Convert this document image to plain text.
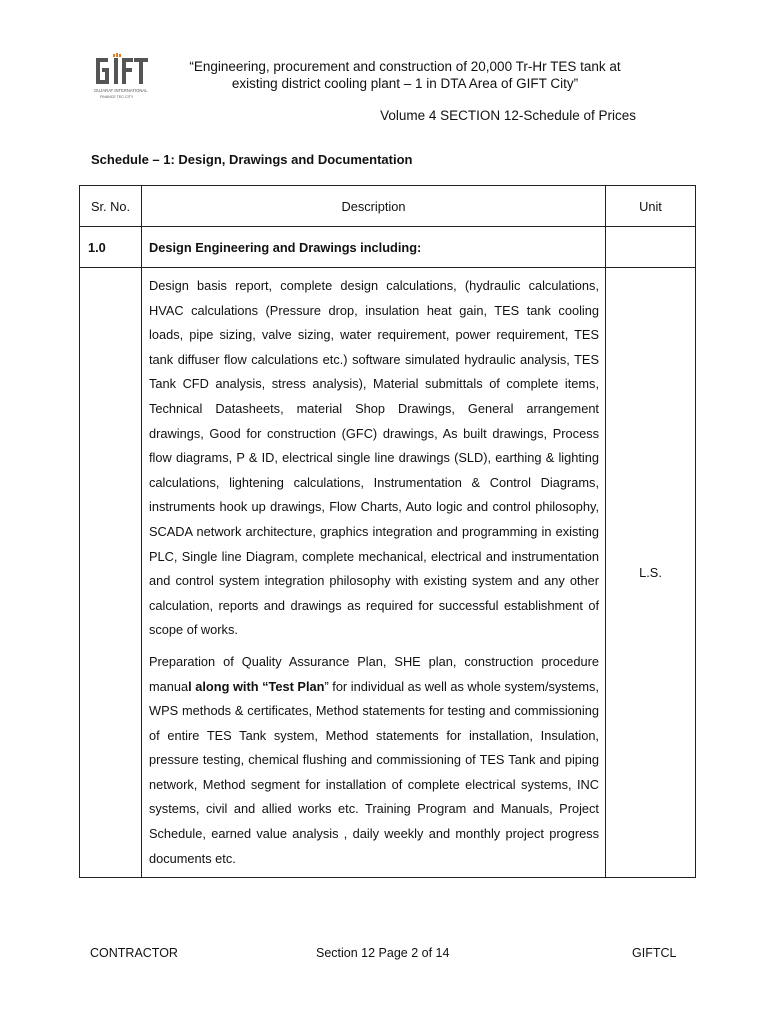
GUJARAT INTERNATIONAL
FINANCE TEC-CITY
“Engineering, procurement and construction of 20,000 Tr-Hr TES tank at
existing district cooling plant – 1 in DTA Area of GIFT City”
Volume 4 SECTION 12-Schedule of Prices
Schedule – 1: Design, Drawings and Documentation
Sr. No.	Description	Unit
1.0	Design Engineering and Drawings including:	

	Design basis report, complete design calculations, (hydraulic calculations, HVAC calculations (Pressure drop, insulation heat gain, TES tank cooling loads, pipe sizing, valve sizing, water requirement, power requirement, TES tank diffuser flow calculations etc.) software simulated hydraulic analysis, TES Tank CFD analysis, stress analysis), Material submittals of complete items, Technical Datasheets, material Shop Drawings, General arrangement drawings, Good for construction (GFC) drawings, As built drawings, Process flow diagrams, P & ID, electrical single line drawings (SLD), earthing & lighting calculations, lightening calculations, Instrumentation & Control Diagrams, instruments hook up drawings, Flow Charts, Auto logic and control philosophy, SCADA network architecture, graphics integration and programming in existing PLC, Single line Diagram, complete mechanical, electrical and instrumentation and control system integration philosophy with existing system and any other calculation, reports and drawings as required for successful establishment of scope of works.

Preparation of Quality Assurance Plan, SHE plan, construction procedure manual along with “Test Plan” for individual as well as whole system/systems, WPS methods & certificates, Method statements for testing and commissioning of entire TES Tank system, Method statements for installation, Insulation, pressure testing, chemical flushing and commissioning of TES Tank and piping network, Method segment for installation of complete electrical systems, INC systems, civil and allied works etc. Training Program and Manuals, Project Schedule, earned value analysis , daily weekly and monthly project progress documents etc.	L.S.
CONTRACTOR	Section 12 Page 2 of 14	GIFTCL
